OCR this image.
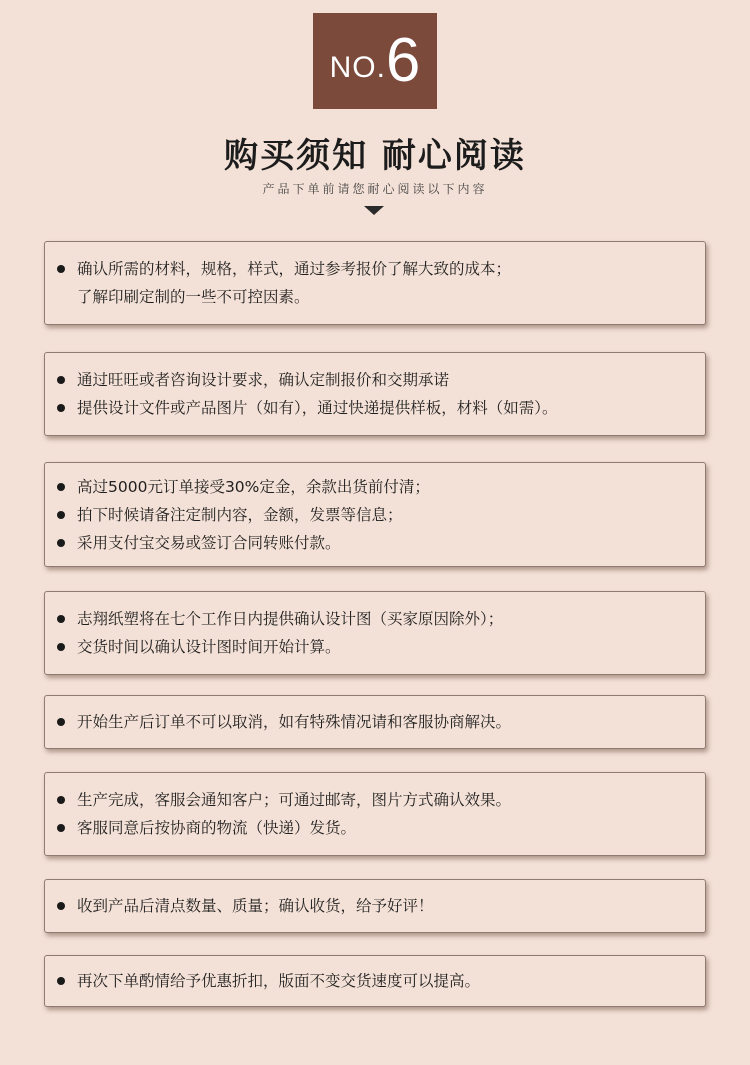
NO. 6
购买须知 耐心阅读
产品下单前请您耐心阅读以下内容
确认所需的材料，规格，样式，通过参考报价了解大致的成本；
了解印刷定制的一些不可控因素。
通过旺旺或者咨询设计要求，确认定制报价和交期承诺
提供设计文件或产品图片（如有），通过快递提供样板，材料（如需）。
高过5000元订单接受30%定金，余款出货前付清；
拍下时候请备注定制内容，金额，发票等信息；
采用支付宝交易或签订合同转账付款。
志翔纸塑将在七个工作日内提供确认设计图（买家原因除外）；
交货时间以确认设计图时间开始计算。
开始生产后订单不可以取消，如有特殊情况请和客服协商解决。
生产完成，客服会通知客户；可通过邮寄，图片方式确认效果。
客服同意后按协商的物流（快递）发货。
收到产品后清点数量、质量；确认收货，给予好评！
再次下单酌情给予优惠折扣，版面不变交货速度可以提高。
